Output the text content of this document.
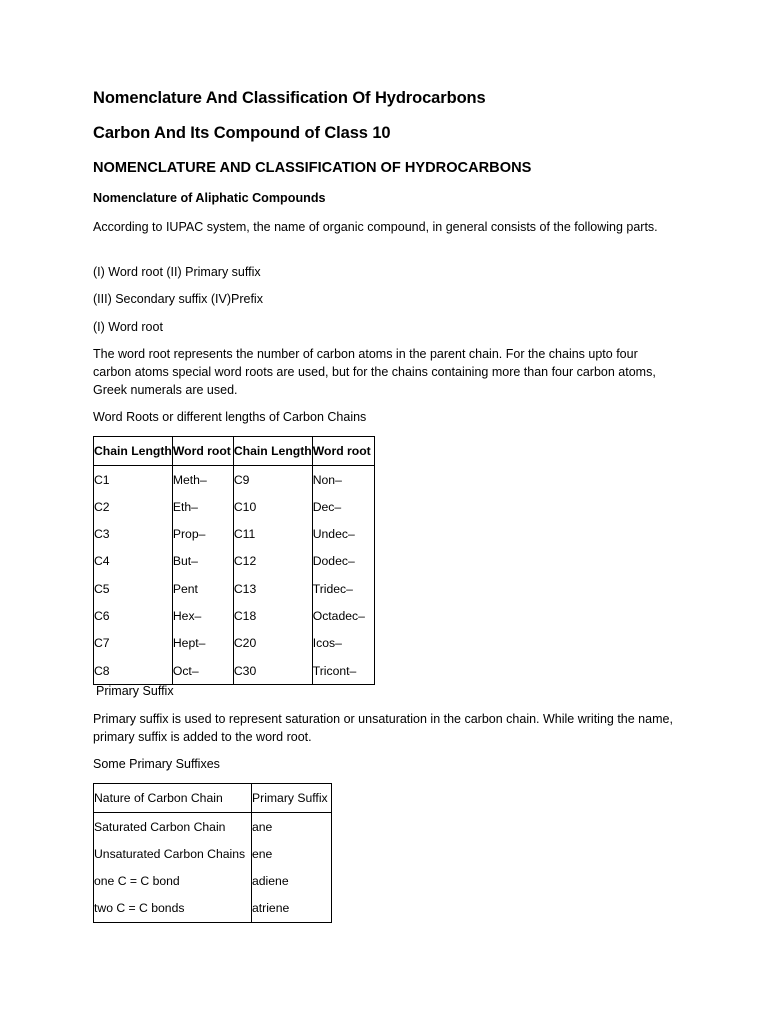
Nomenclature And Classification Of Hydrocarbons
Carbon And Its Compound of Class 10
NOMENCLATURE AND CLASSIFICATION OF HYDROCARBONS
Nomenclature of Aliphatic Compounds

According to IUPAC system, the name of organic compound, in general consists of the following parts.

(I) Word root (II) Primary suffix

(III) Secondary suffix (IV)Prefix

(I) Word root

The word root represents the number of carbon atoms in the parent chain. For the chains upto four carbon atoms special word roots are used, but for the chains containing more than four carbon atoms, Greek numerals are used.

Word Roots or different lengths of Carbon Chains

Chain Length	Word root	Chain Length	Word root
C1	Meth–	C9	Non–
C2	Eth–	C10	Dec–
C3	Prop–	C11	Undec–
C4	But–	C12	Dodec–
C5	Pent	C13	Tridec–
C6	Hex–	C18	Octadec–
C7	Hept–	C20	Icos–
C8	Oct–	C30	Tricont–

Primary Suffix

Primary suffix is used to represent saturation or unsaturation in the carbon chain. While writing the name, primary suffix is added to the word root.

Some Primary Suffixes

Nature of Carbon Chain	Primary Suffix
Saturated Carbon Chain	ane
Unsaturated Carbon Chains	ene
one C = C bond	adiene
two C = C bonds	atriene
